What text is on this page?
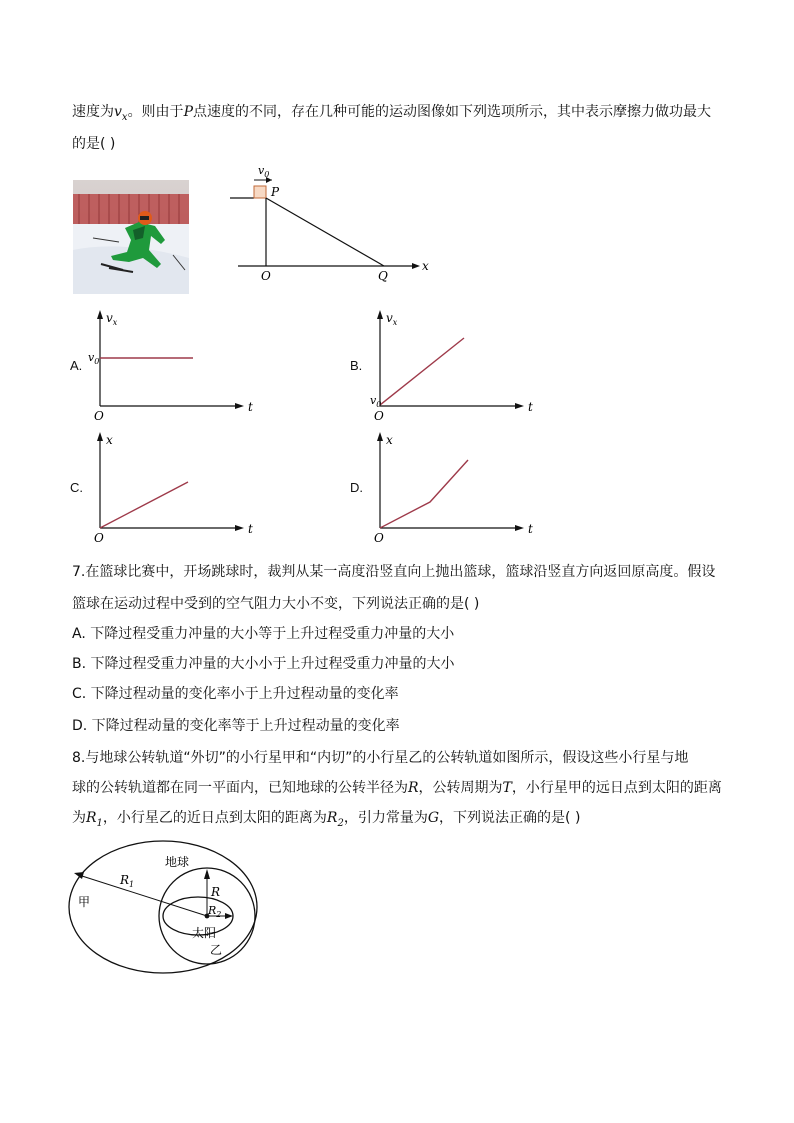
速度为$v_x$。则由于P点速度的不同，存在几种可能的运动图像如下列选项所示，其中表示摩擦力做功最大
的是( )
$v_0$
P
O	Q
x
A.
$v_x$
t
O
$v_0$	B.
$v_x$
t
O
$v_0$
C.
x
t
O
D.
x
t
O
7.在篮球比赛中，开场跳球时，裁判从某一高度沿竖直向上抛出篮球，篮球沿竖直方向返回原高度。假设
篮球在运动过程中受到的空气阻力大小不变，下列说法正确的是( )
A. 下降过程受重力冲量的大小等于上升过程受重力冲量的大小
B. 下降过程受重力冲量的大小小于上升过程受重力冲量的大小
C. 下降过程动量的变化率小于上升过程动量的变化率
D. 下降过程动量的变化率等于上升过程动量的变化率
8.与地球公转轨道“外切”的小行星甲和“内切”的小行星乙的公转轨道如图所示，假设这些小行星与地
球的公转轨道都在同一平面内，已知地球的公转半径为R，公转周期为T，小行星甲的远日点到太阳的距离
为$R_1$，小行星乙的近日点到太阳的距离为$R_2$，引力常量为G，下列说法正确的是( )
地球
R
$R_1$
$R_2$
甲
太阳
乙
